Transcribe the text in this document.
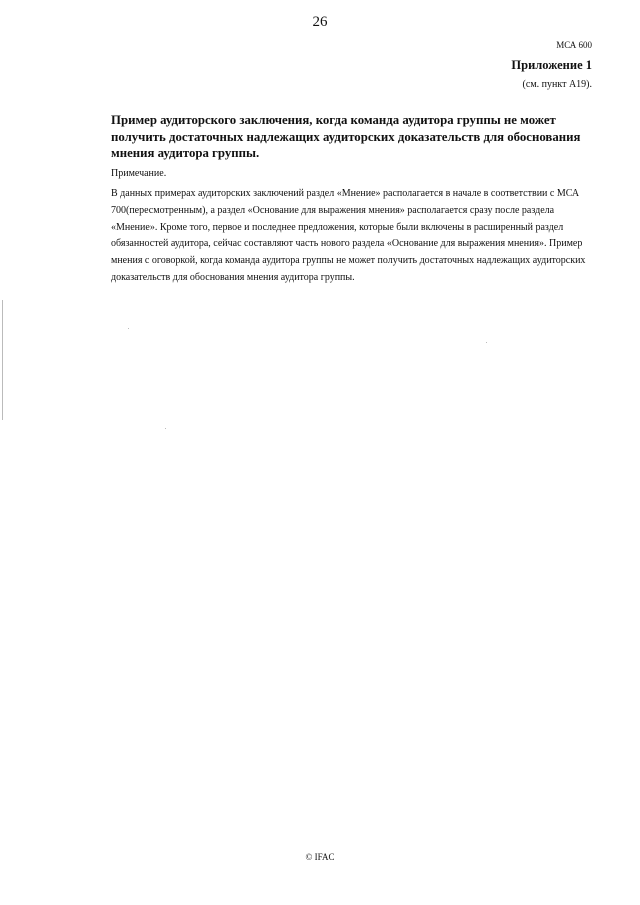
26
МСА 600
Приложение 1
(см. пункт A19).
Пример аудиторского заключения, когда команда аудитора группы не может получить достаточных надлежащих аудиторских доказательств для обоснования мнения аудитора группы.
Примечание.

В данных примерах аудиторских заключений раздел «Мнение» располагается в начале в соответствии с МСА 700(пересмотренным), а раздел «Основание для выражения мнения» располагается сразу после раздела «Мнение». Кроме того, первое и последнее предложения, которые были включены в расширенный раздел обязанностей аудитора, сейчас составляют часть нового раздела «Основание для выражения мнения». Пример мнения с оговоркой, когда команда аудитора группы не может получить достаточных надлежащих аудиторских доказательств для обоснования мнения аудитора группы.

© IFAC
